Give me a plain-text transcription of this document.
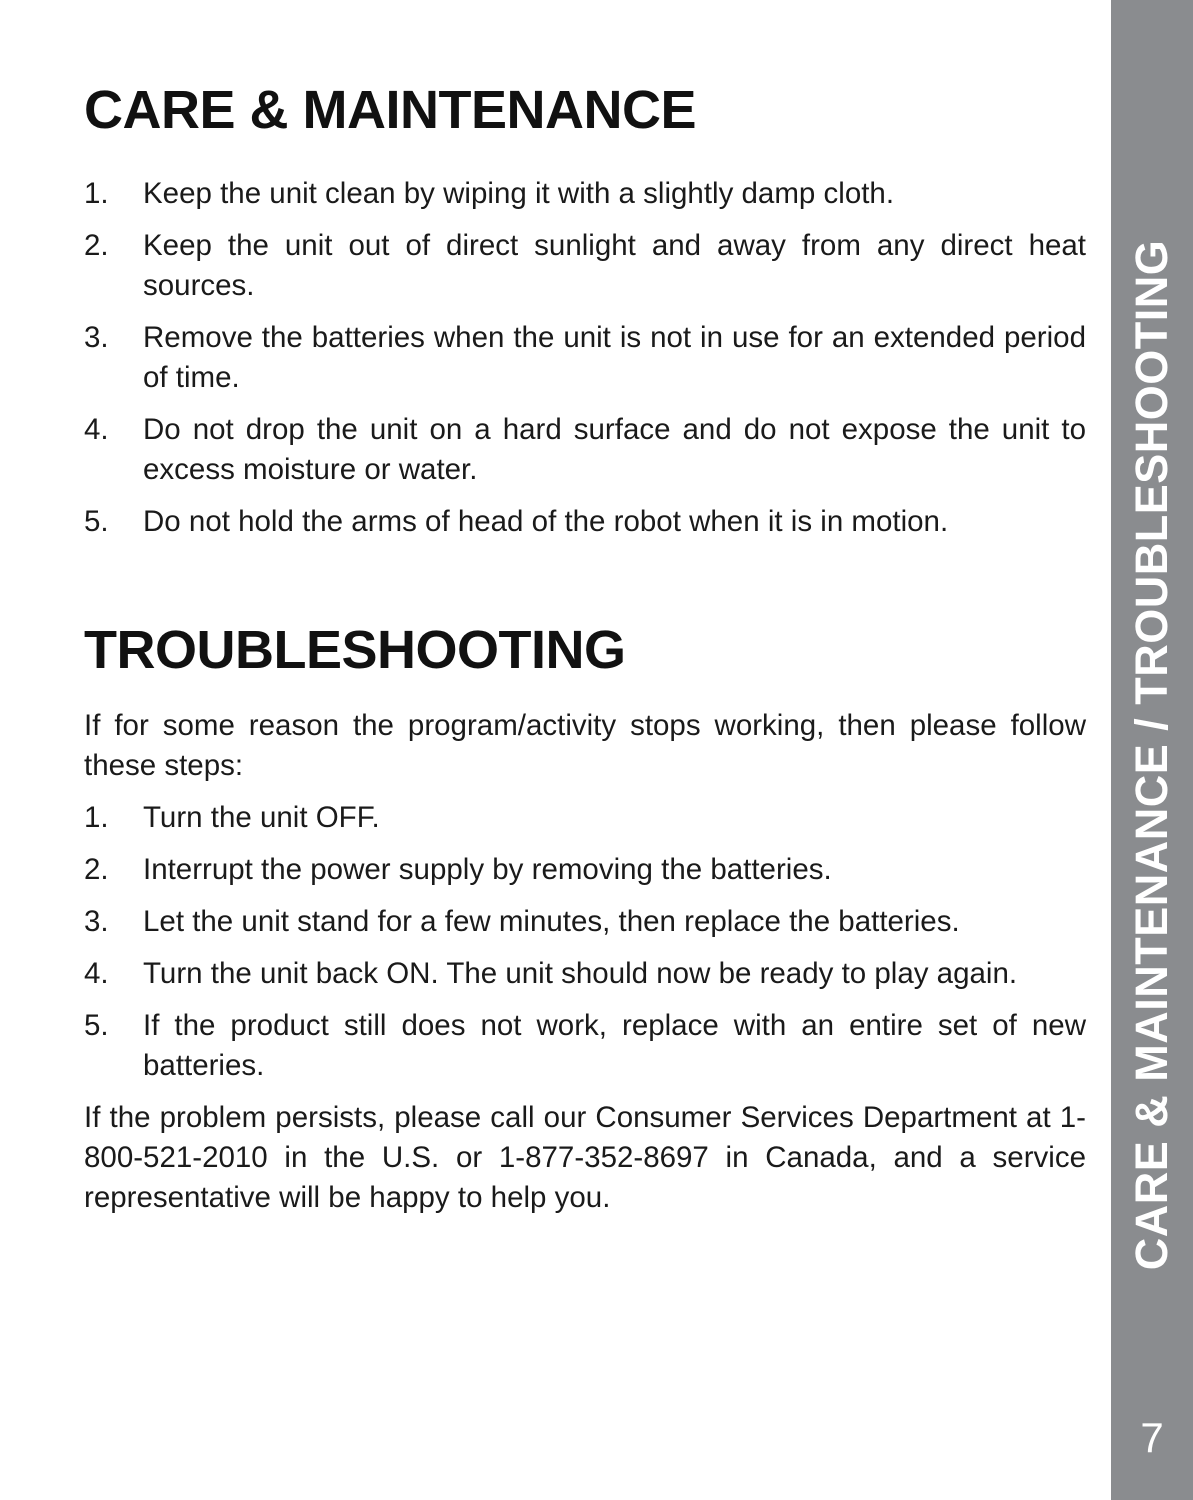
CARE & MAINTENANCE
1.	Keep the unit clean by wiping it with a slightly damp cloth.
2.	Keep the unit out of direct sunlight and away from any direct heat sources.
3.	Remove the batteries when the unit is not in use for an extended period of time.
4.	Do not drop the unit on a hard surface and do not expose the unit to excess moisture or water.
5.	Do not hold the arms of head of the robot when it is in motion.
TROUBLESHOOTING

If for some reason the program/activity stops working, then please follow these steps:

1.	Turn the unit OFF.
2.	Interrupt the power supply by removing the batteries.
3.	Let the unit stand for a few minutes, then replace the batteries.
4.	Turn the unit back ON. The unit should now be ready to play again.
5.	If the product still does not work, replace with an entire set of new batteries.

If the problem persists, please call our Consumer Services Department at 1-800-521-2010 in the U.S. or 1-877-352-8697 in Canada, and a service representative will be happy to help you.	CARE & MAINTENANCE / TROUBLESHOOTING
7
